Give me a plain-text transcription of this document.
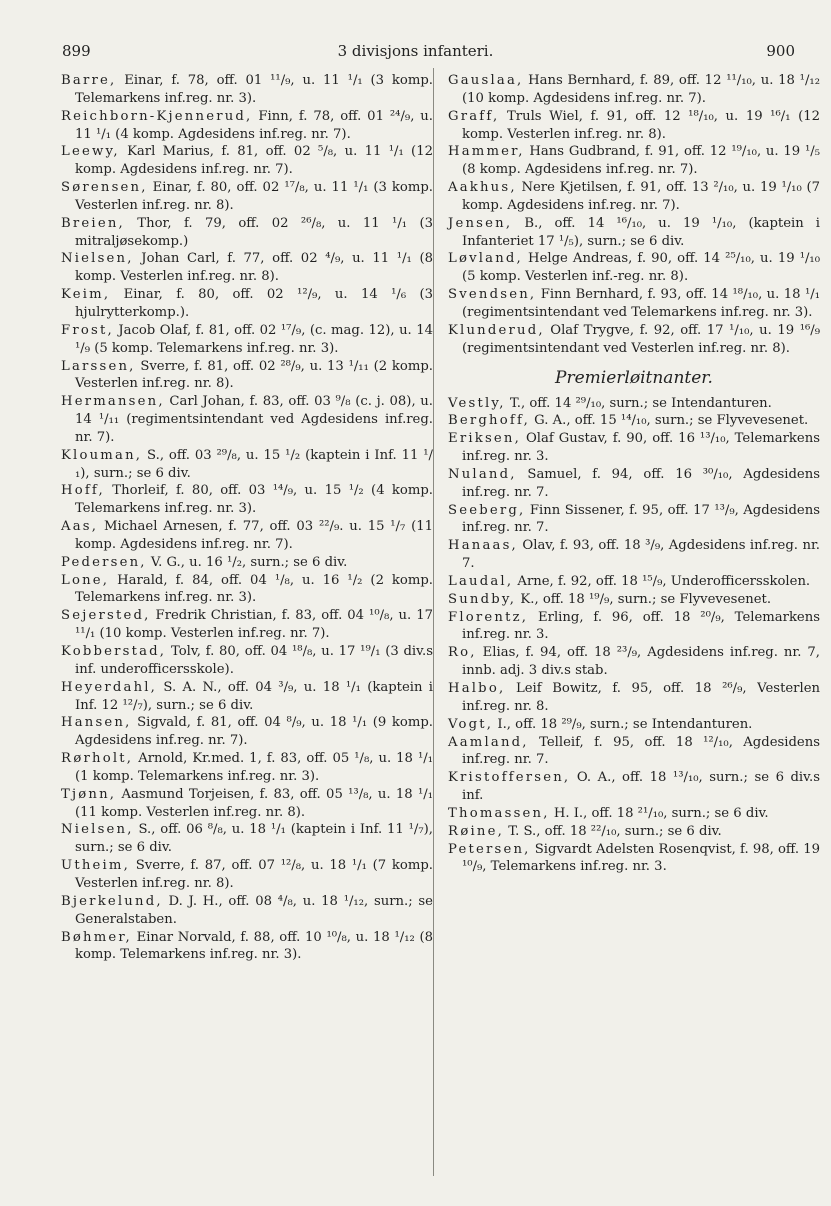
899	3 divisjons infanteri.	900

Barre, Einar, f. 78, off. 01 ¹¹/₉, u. 11 ¹/₁ (3 komp. Telemarkens inf.reg. nr. 3).

Reichborn-Kjennerud, Finn, f. 78, off. 01 ²⁴/₉, u. 11 ¹/₁ (4 komp. Agdesidens inf.reg. nr. 7).

Leewy, Karl Marius, f. 81, off. 02 ⁵/₈, u. 11 ¹/₁ (12 komp. Agdesidens inf.reg. nr. 7).

Sørensen, Einar, f. 80, off. 02 ¹⁷/₈, u. 11 ¹/₁ (3 komp. Vesterlen inf.reg. nr. 8).

Breien, Thor, f. 79, off. 02 ²⁶/₈, u. 11 ¹/₁ (3 mitraljøsekomp.)

Nielsen, Johan Carl, f. 77, off. 02 ⁴/₉, u. 11 ¹/₁ (8 komp. Vesterlen inf.reg. nr. 8).

Keim, Einar, f. 80, off. 02 ¹²/₉, u. 14 ¹/₆ (3 hjulrytterkomp.).

Frost, Jacob Olaf, f. 81, off. 02 ¹⁷/₉, (c. mag. 12), u. 14 ¹/₉ (5 komp. Telemarkens inf.reg. nr. 3).

Larssen, Sverre, f. 81, off. 02 ²⁸/₉, u. 13 ¹/₁₁ (2 komp. Vesterlen inf.reg. nr. 8).

Hermansen, Carl Johan, f. 83, off. 03 ⁹/₈ (c. j. 08), u. 14 ¹/₁₁ (regimentsintendant ved Agdesidens inf.reg. nr. 7).

Klouman, S., off. 03 ²⁹/₈, u. 15 ¹/₂ (kaptein i Inf. 11 ¹/₁), surn.; se 6 div.

Hoff, Thorleif, f. 80, off. 03 ¹⁴/₉, u. 15 ¹/₂ (4 komp. Telemarkens inf.reg. nr. 3).

Aas, Michael Arnesen, f. 77, off. 03 ²²/₉. u. 15 ¹/₇ (11 komp. Agdesidens inf.reg. nr. 7).

Pedersen, V. G., u. 16 ¹/₂, surn.; se 6 div.

Lone, Harald, f. 84, off. 04 ¹/₈, u. 16 ¹/₂ (2 komp. Telemarkens inf.reg. nr. 3).

Sejersted, Fredrik Christian, f. 83, off. 04 ¹⁰/₈, u. 17 ¹¹/₁ (10 komp. Vesterlen inf.reg. nr. 7).

Kobberstad, Tolv, f. 80, off. 04 ¹⁸/₈, u. 17 ¹⁹/₁ (3 div.s inf. underofficersskole).

Heyerdahl, S. A. N., off. 04 ³/₉, u. 18 ¹/₁ (kaptein i Inf. 12 ¹²/₇), surn.; se 6 div.

Hansen, Sigvald, f. 81, off. 04 ⁸/₉, u. 18 ¹/₁ (9 komp. Agdesidens inf.reg. nr. 7).

Rørholt, Arnold, Kr.med. 1, f. 83, off. 05 ¹/₈, u. 18 ¹/₁ (1 komp. Telemarkens inf.reg. nr. 3).

Tjønn, Aasmund Torjeisen, f. 83, off. 05 ¹³/₈, u. 18 ¹/₁ (11 komp. Vesterlen inf.reg. nr. 8).

Nielsen, S., off. 06 ⁸/₈, u. 18 ¹/₁ (kaptein i Inf. 11 ¹/₇), surn.; se 6 div.

Utheim, Sverre, f. 87, off. 07 ¹²/₈, u. 18 ¹/₁ (7 komp. Vesterlen inf.reg. nr. 8).

Bjerkelund, D. J. H., off. 08 ⁴/₈, u. 18 ¹/₁₂, surn.; se Generalstaben.

Bøhmer, Einar Norvald, f. 88, off. 10 ¹⁰/₈, u. 18 ¹/₁₂ (8 komp. Telemarkens inf.reg. nr. 3).

Gauslaa, Hans Bernhard, f. 89, off. 12 ¹¹/₁₀, u. 18 ¹/₁₂ (10 komp. Agdesidens inf.reg. nr. 7).

Graff, Truls Wiel, f. 91, off. 12 ¹⁸/₁₀, u. 19 ¹⁶/₁ (12 komp. Vesterlen inf.reg. nr. 8).

Hammer, Hans Gudbrand, f. 91, off. 12 ¹⁹/₁₀, u. 19 ¹/₅ (8 komp. Agdesidens inf.reg. nr. 7).

Aakhus, Nere Kjetilsen, f. 91, off. 13 ²/₁₀, u. 19 ¹/₁₀ (7 komp. Agdesidens inf.reg. nr. 7).

Jensen, B., off. 14 ¹⁶/₁₀, u. 19 ¹/₁₀, (kaptein i Infanteriet 17 ¹/₅), surn.; se 6 div.

Løvland, Helge Andreas, f. 90, off. 14 ²⁵/₁₀, u. 19 ¹/₁₀ (5 komp. Vesterlen inf.-reg. nr. 8).

Svendsen, Finn Bernhard, f. 93, off. 14 ¹⁸/₁₀, u. 18 ¹/₁ (regimentsintendant ved Telemarkens inf.reg. nr. 3).

Klunderud, Olaf Trygve, f. 92, off. 17 ¹/₁₀, u. 19 ¹⁶/₉ (regimentsintendant ved Vesterlen inf.reg. nr. 8).

Premierløitnanter.

Vestly, T., off. 14 ²⁹/₁₀, surn.; se Intendanturen.

Berghoff, G. A., off. 15 ¹⁴/₁₀, surn.; se Flyvevesenet.

Eriksen, Olaf Gustav, f. 90, off. 16 ¹³/₁₀, Telemarkens inf.reg. nr. 3.

Nuland, Samuel, f. 94, off. 16 ³⁰/₁₀, Agdesidens inf.reg. nr. 7.

Seeberg, Finn Sissener, f. 95, off. 17 ¹³/₉, Agdesidens inf.reg. nr. 7.

Hanaas, Olav, f. 93, off. 18 ³/₉, Agdesidens inf.reg. nr. 7.

Laudal, Arne, f. 92, off. 18 ¹⁵/₉, Underofficersskolen.

Sundby, K., off. 18 ¹⁹/₉, surn.; se Flyvevesenet.

Florentz, Erling, f. 96, off. 18 ²⁰/₉, Telemarkens inf.reg. nr. 3.

Ro, Elias, f. 94, off. 18 ²³/₉, Agdesidens inf.reg. nr. 7, innb. adj. 3 div.s stab.

Halbo, Leif Bowitz, f. 95, off. 18 ²⁶/₉, Vesterlen inf.reg. nr. 8.

Vogt, I., off. 18 ²⁹/₉, surn.; se Intendanturen.

Aamland, Telleif, f. 95, off. 18 ¹²/₁₀, Agdesidens inf.reg. nr. 7.

Kristoffersen, O. A., off. 18 ¹³/₁₀, surn.; se 6 div.s inf.

Thomassen, H. I., off. 18 ²¹/₁₀, surn.; se 6 div.

Røine, T. S., off. 18 ²²/₁₀, surn.; se 6 div.

Petersen, Sigvardt Adelsten Rosenqvist, f. 98, off. 19 ¹⁰/₉, Telemarkens inf.reg. nr. 3.
